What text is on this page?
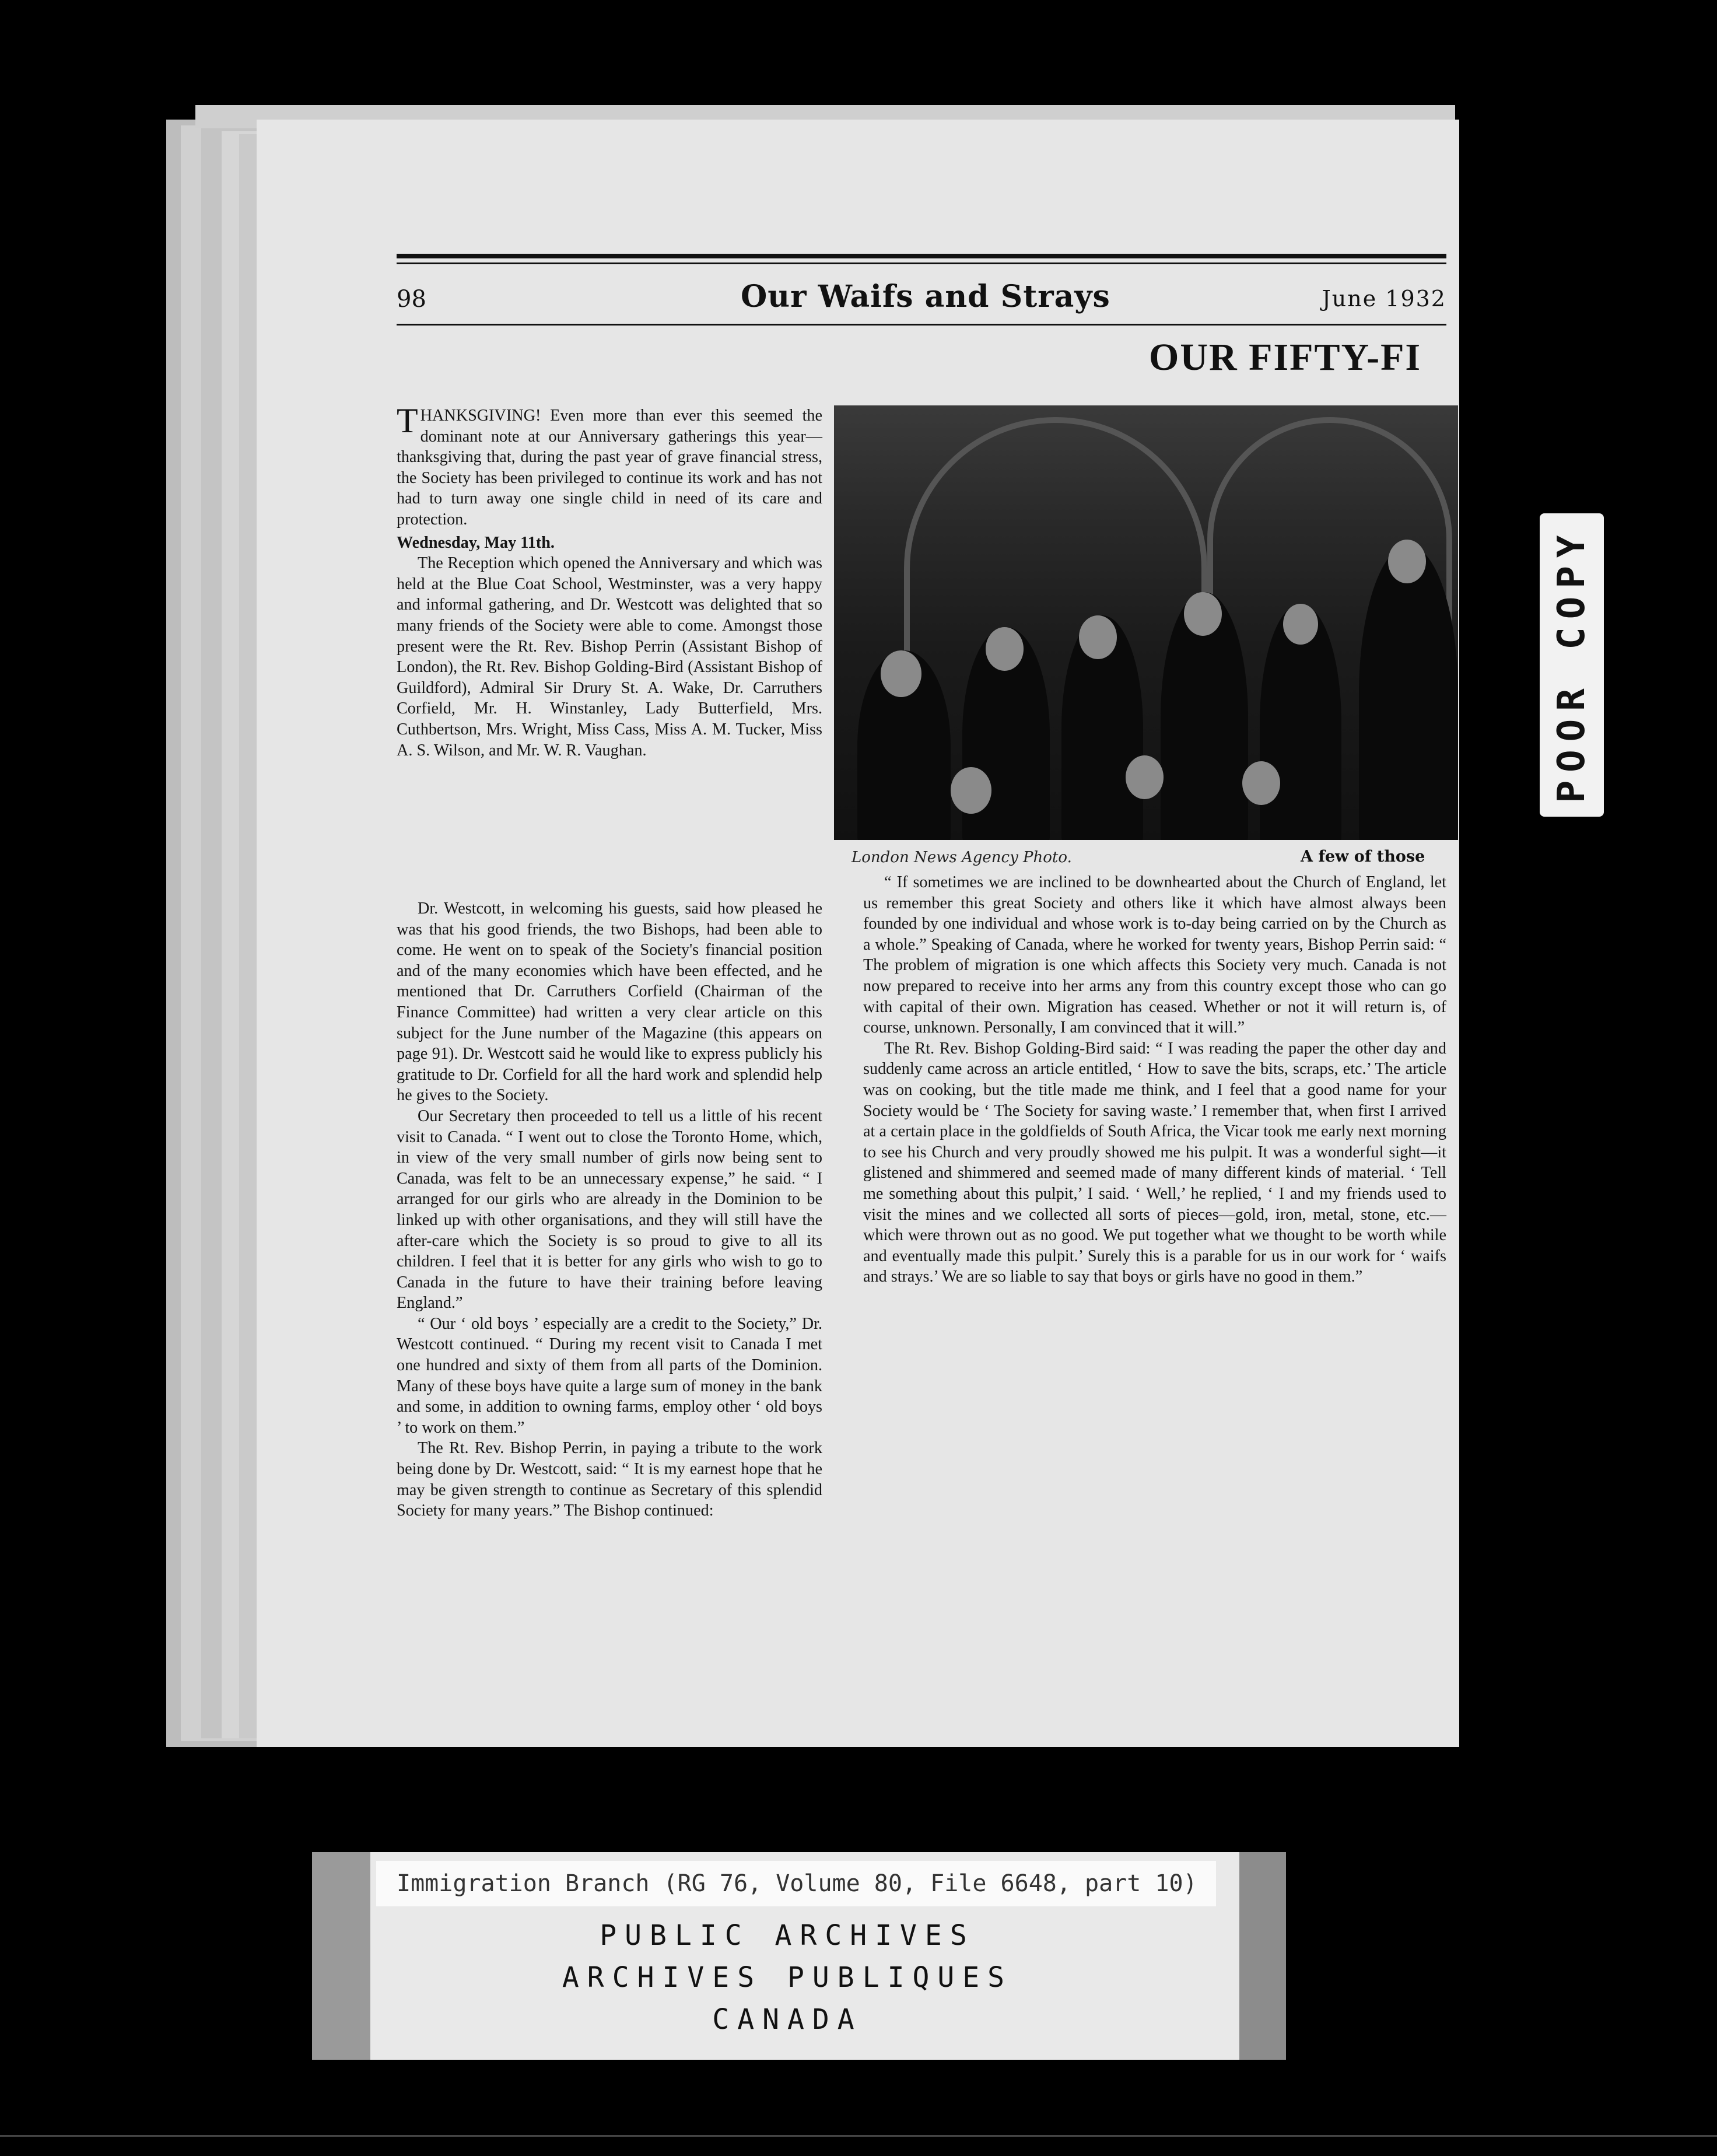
98	Our Waifs and Strays	June 1932
OUR FIFTY-FI
London News Agency Photo.	A few of those

THANKSGIVING! Even more than ever this seemed the dominant note at our Anniversary gatherings this year—thanksgiving that, during the past year of grave financial stress, the Society has been privileged to continue its work and has not had to turn away one single child in need of its care and protection.

Wednesday, May 11th.

The Reception which opened the Anniversary and which was held at the Blue Coat School, Westminster, was a very happy and informal gathering, and Dr. Westcott was delighted that so many friends of the Society were able to come. Amongst those present were the Rt. Rev. Bishop Perrin (Assistant Bishop of London), the Rt. Rev. Bishop Golding-Bird (Assistant Bishop of Guildford), Admiral Sir Drury St. A. Wake, Dr. Carruthers Corfield, Mr. H. Winstanley, Lady Butterfield, Mrs. Cuthbertson, Mrs. Wright, Miss Cass, Miss A. M. Tucker, Miss A. S. Wilson, and Mr. W. R. Vaughan.

Dr. Westcott, in welcoming his guests, said how pleased he was that his good friends, the two Bishops, had been able to come. He went on to speak of the Society's financial position and of the many economies which have been effected, and he mentioned that Dr. Carruthers Corfield (Chairman of the Finance Committee) had written a very clear article on this subject for the June number of the Magazine (this appears on page 91). Dr. Westcott said he would like to express publicly his gratitude to Dr. Corfield for all the hard work and splendid help he gives to the Society.

Our Secretary then proceeded to tell us a little of his recent visit to Canada. “ I went out to close the Toronto Home, which, in view of the very small number of girls now being sent to Canada, was felt to be an unnecessary expense,” he said. “ I arranged for our girls who are already in the Dominion to be linked up with other organisations, and they will still have the after-care which the Society is so proud to give to all its children. I feel that it is better for any girls who wish to go to Canada in the future to have their training before leaving England.”

“ Our ‘ old boys ’ especially are a credit to the Society,” Dr. Westcott continued. “ During my recent visit to Canada I met one hundred and sixty of them from all parts of the Dominion. Many of these boys have quite a large sum of money in the bank and some, in addition to owning farms, employ other ‘ old boys ’ to work on them.”

The Rt. Rev. Bishop Perrin, in paying a tribute to the work being done by Dr. Westcott, said: “ It is my earnest hope that he may be given strength to continue as Secretary of this splendid Society for many years.” The Bishop continued:

“ If sometimes we are inclined to be downhearted about the Church of England, let us remember this great Society and others like it which have almost always been founded by one individual and whose work is to-day being carried on by the Church as a whole.” Speaking of Canada, where he worked for twenty years, Bishop Perrin said: “ The problem of migration is one which affects this Society very much. Canada is not now prepared to receive into her arms any from this country except those who can go with capital of their own. Migration has ceased. Whether or not it will return is, of course, unknown. Personally, I am convinced that it will.”

The Rt. Rev. Bishop Golding-Bird said: “ I was reading the paper the other day and suddenly came across an article entitled, ‘ How to save the bits, scraps, etc.’ The article was on cooking, but the title made me think, and I feel that a good name for your Society would be ‘ The Society for saving waste.’ I remember that, when first I arrived at a certain place in the goldfields of South Africa, the Vicar took me early next morning to see his Church and very proudly showed me his pulpit. It was a wonderful sight—it glistened and shimmered and seemed made of many different kinds of material. ‘ Tell me something about this pulpit,’ I said. ‘ Well,’ he replied, ‘ I and my friends used to visit the mines and we collected all sorts of pieces—gold, iron, metal, stone, etc.—which were thrown out as no good. We put together what we thought to be worth while and eventually made this pulpit.’ Surely this is a parable for us in our work for ‘ waifs and strays.’ We are so liable to say that boys or girls have no good in them.”

POOR COPY
Immigration Branch (RG 76, Volume 80, File 6648, part 10)
PUBLIC ARCHIVES
ARCHIVES PUBLIQUES
CANADA
